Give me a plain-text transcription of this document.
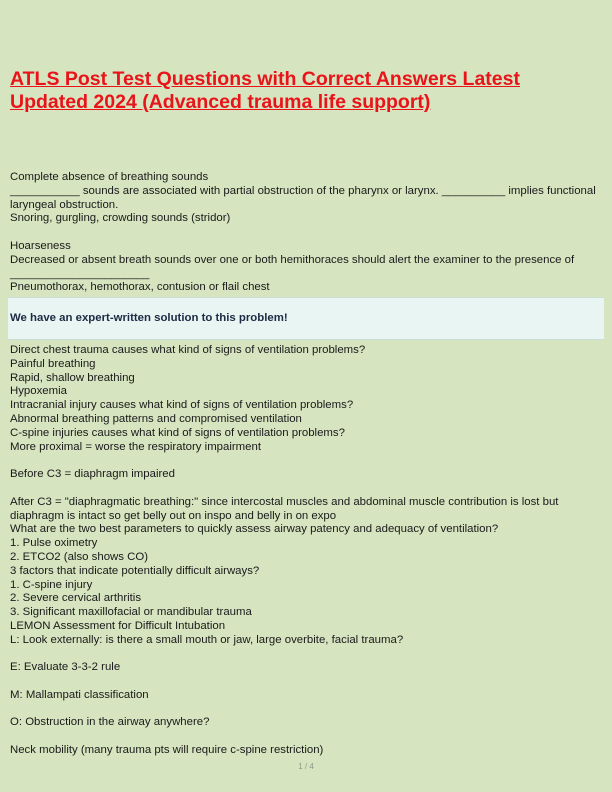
ATLS Post Test Questions with Correct Answers Latest Updated 2024 (Advanced trauma life support)
Complete absence of breathing sounds
___________ sounds are associated with partial obstruction of the pharynx or larynx. __________ implies functional laryngeal obstruction.
Snoring, gurgling, crowding sounds (stridor)
Hoarseness
Decreased or absent breath sounds over one or both hemithoraces should alert the examiner to the presence of ______________________
Pneumothorax, hemothorax, contusion or flail chest
We have an expert-written solution to this problem!
Direct chest trauma causes what kind of signs of ventilation problems?
Painful breathing
Rapid, shallow breathing
Hypoxemia
Intracranial injury causes what kind of signs of ventilation problems?
Abnormal breathing patterns and compromised ventilation
C-spine injuries causes what kind of signs of ventilation problems?
More proximal = worse the respiratory impairment
Before C3 = diaphragm impaired
After C3 = "diaphragmatic breathing:" since intercostal muscles and abdominal muscle contribution is lost but diaphragm is intact so get belly out on inspo and belly in on expo
What are the two best parameters to quickly assess airway patency and adequacy of ventilation?
1. Pulse oximetry
2. ETCO2 (also shows CO)
3 factors that indicate potentially difficult airways?
1. C-spine injury
2. Severe cervical arthritis
3. Significant maxillofacial or mandibular trauma
LEMON Assessment for Difficult Intubation
L: Look externally: is there a small mouth or jaw, large overbite, facial trauma?
E: Evaluate 3-3-2 rule
M: Mallampati classification
O: Obstruction in the airway anywhere?
Neck mobility (many trauma pts will require c-spine restriction)
1 / 4
